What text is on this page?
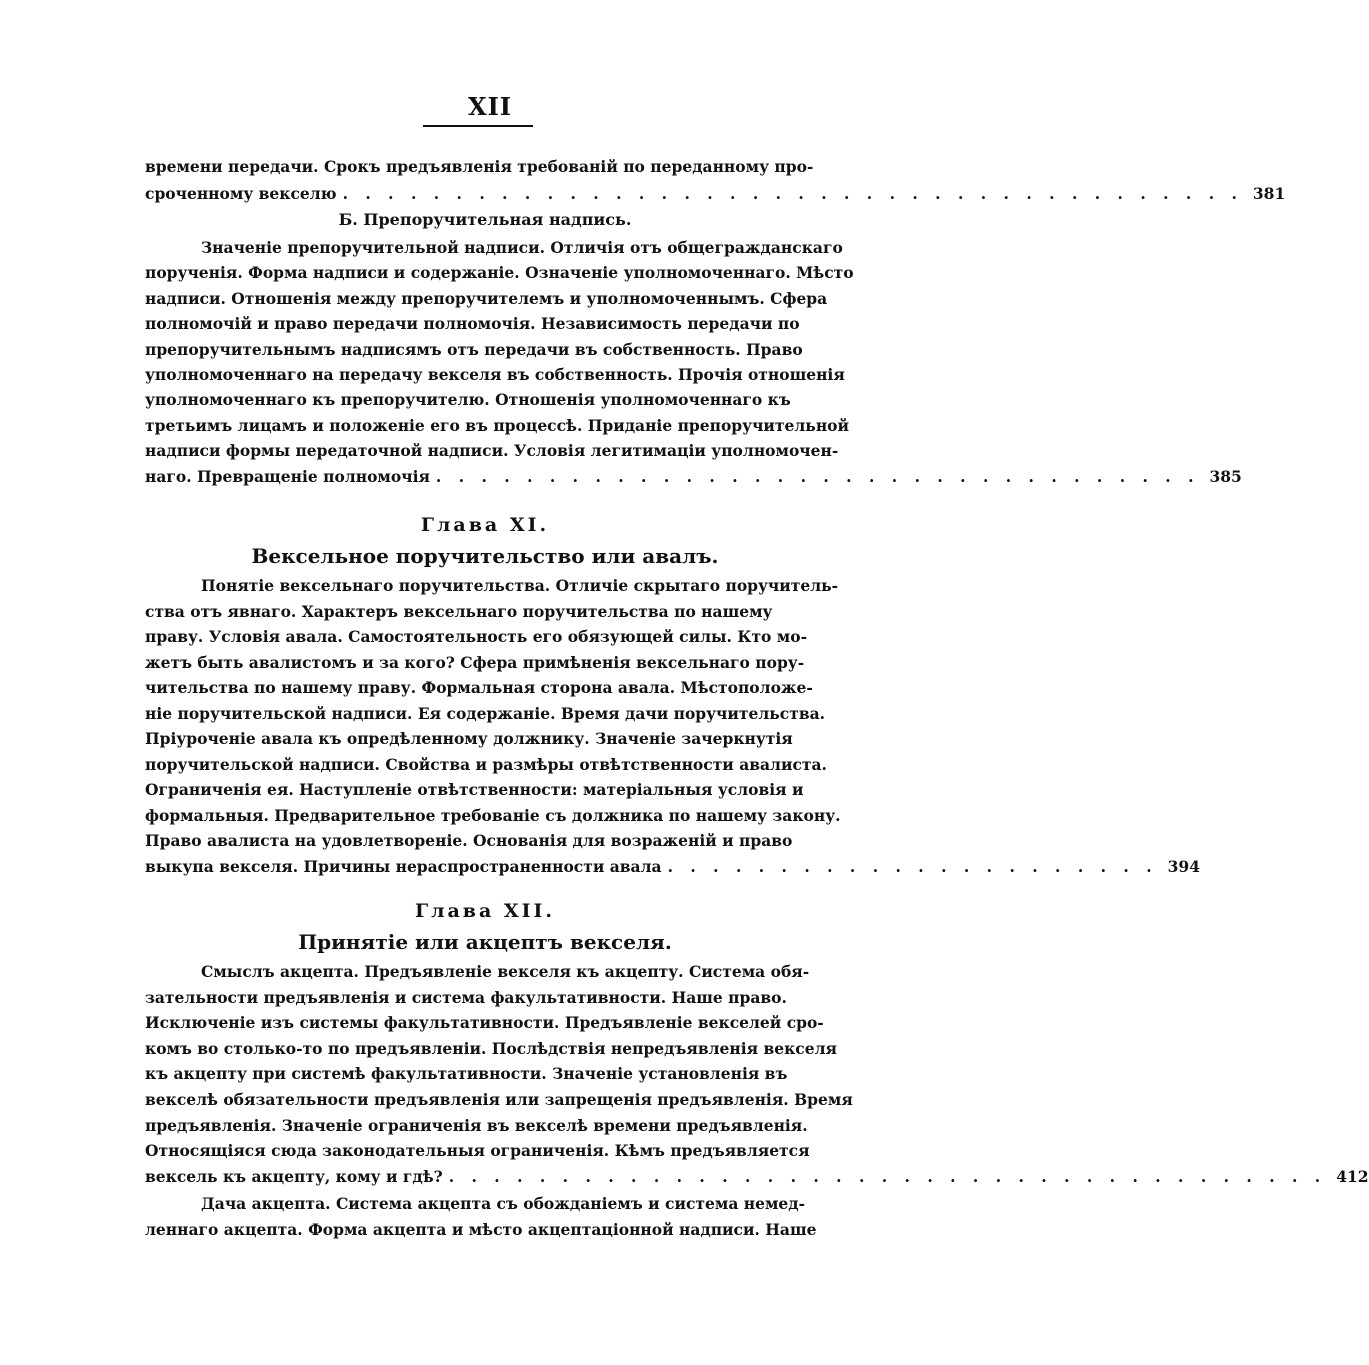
XII
времени передачи. Срокъ предъявленія требованій по переданному про-
сроченному векселю . . . . . . . . . . . . . . . . . . . . . . . . . . . . . . . . . . . . . . . . 381
Б. Препоручительная надпись.
Значеніе препоручительной надписи. Отличія отъ общегражданскаго
порученія. Форма надписи и содержаніе. Означеніе уполномоченнаго. Мѣсто
надписи. Отношенія между препоручителемъ и уполномоченнымъ. Сфера
полномочій и право передачи полномочія. Независимость передачи по
препоручительнымъ надписямъ отъ передачи въ собственность. Право
уполномоченнаго на передачу векселя въ собственность. Прочія отношенія
уполномоченнаго къ препоручителю. Отношенія уполномоченнаго къ
третьимъ лицамъ и положеніе его въ процессѣ. Приданіе препоручительной
надписи формы передаточной надписи. Условія легитимаціи уполномочен-
наго. Превращеніе полномочія . . . . . . . . . . . . . . . . . . . . . . . . . . . . . . . . . . 385
Глава XI.
Вексельное поручительство или авалъ.
Понятіе вексельнаго поручительства. Отличіе скрытаго поручитель-
ства отъ явнаго. Характеръ вексельнаго поручительства по нашему
праву. Условія авала. Самостоятельность его обязующей силы. Кто мо-
жетъ быть авалистомъ и за кого? Сфера примѣненія вексельнаго пору-
чительства по нашему праву. Формальная сторона авала. Мѣстоположе-
ніе поручительской надписи. Ея содержаніе. Время дачи поручительства.
Пріуроченіе авала къ опредѣленному должнику. Значеніе зачеркнутія
поручительской надписи. Свойства и размѣры отвѣтственности авалиста.
Ограниченія ея. Наступленіе отвѣтственности: матеріальныя условія и
формальныя. Предварительное требованіе съ должника по нашему закону.
Право авалиста на удовлетвореніе. Основанія для возраженій и право
выкупа векселя. Причины нераспространенности авала . . . . . . . . . . . . . . . . . . . . . . 394
Глава XII.
Принятіе или акцептъ векселя.
Смыслъ акцепта. Предъявленіе векселя къ акцепту. Система обя-
зательности предъявленія и система факультативности. Наше право.
Исключеніе изъ системы факультативности. Предъявленіе векселей сро-
комъ во столько-то по предъявленіи. Послѣдствія непредъявленія векселя
къ акцепту при системѣ факультативности. Значеніе установленія въ
векселѣ обязательности предъявленія или запрещенія предъявленія. Время
предъявленія. Значеніе ограниченія въ векселѣ времени предъявленія.
Относящіяся сюда законодательныя ограниченія. Кѣмъ предъявляется
вексель къ акцепту, кому и гдѣ? . . . . . . . . . . . . . . . . . . . . . . . . . . . . . . . . . . . . . . . 412
Дача акцепта. Система акцепта съ обожданіемъ и система немед-
леннаго акцепта. Форма акцепта и мѣсто акцептаціонной надписи. Наше
